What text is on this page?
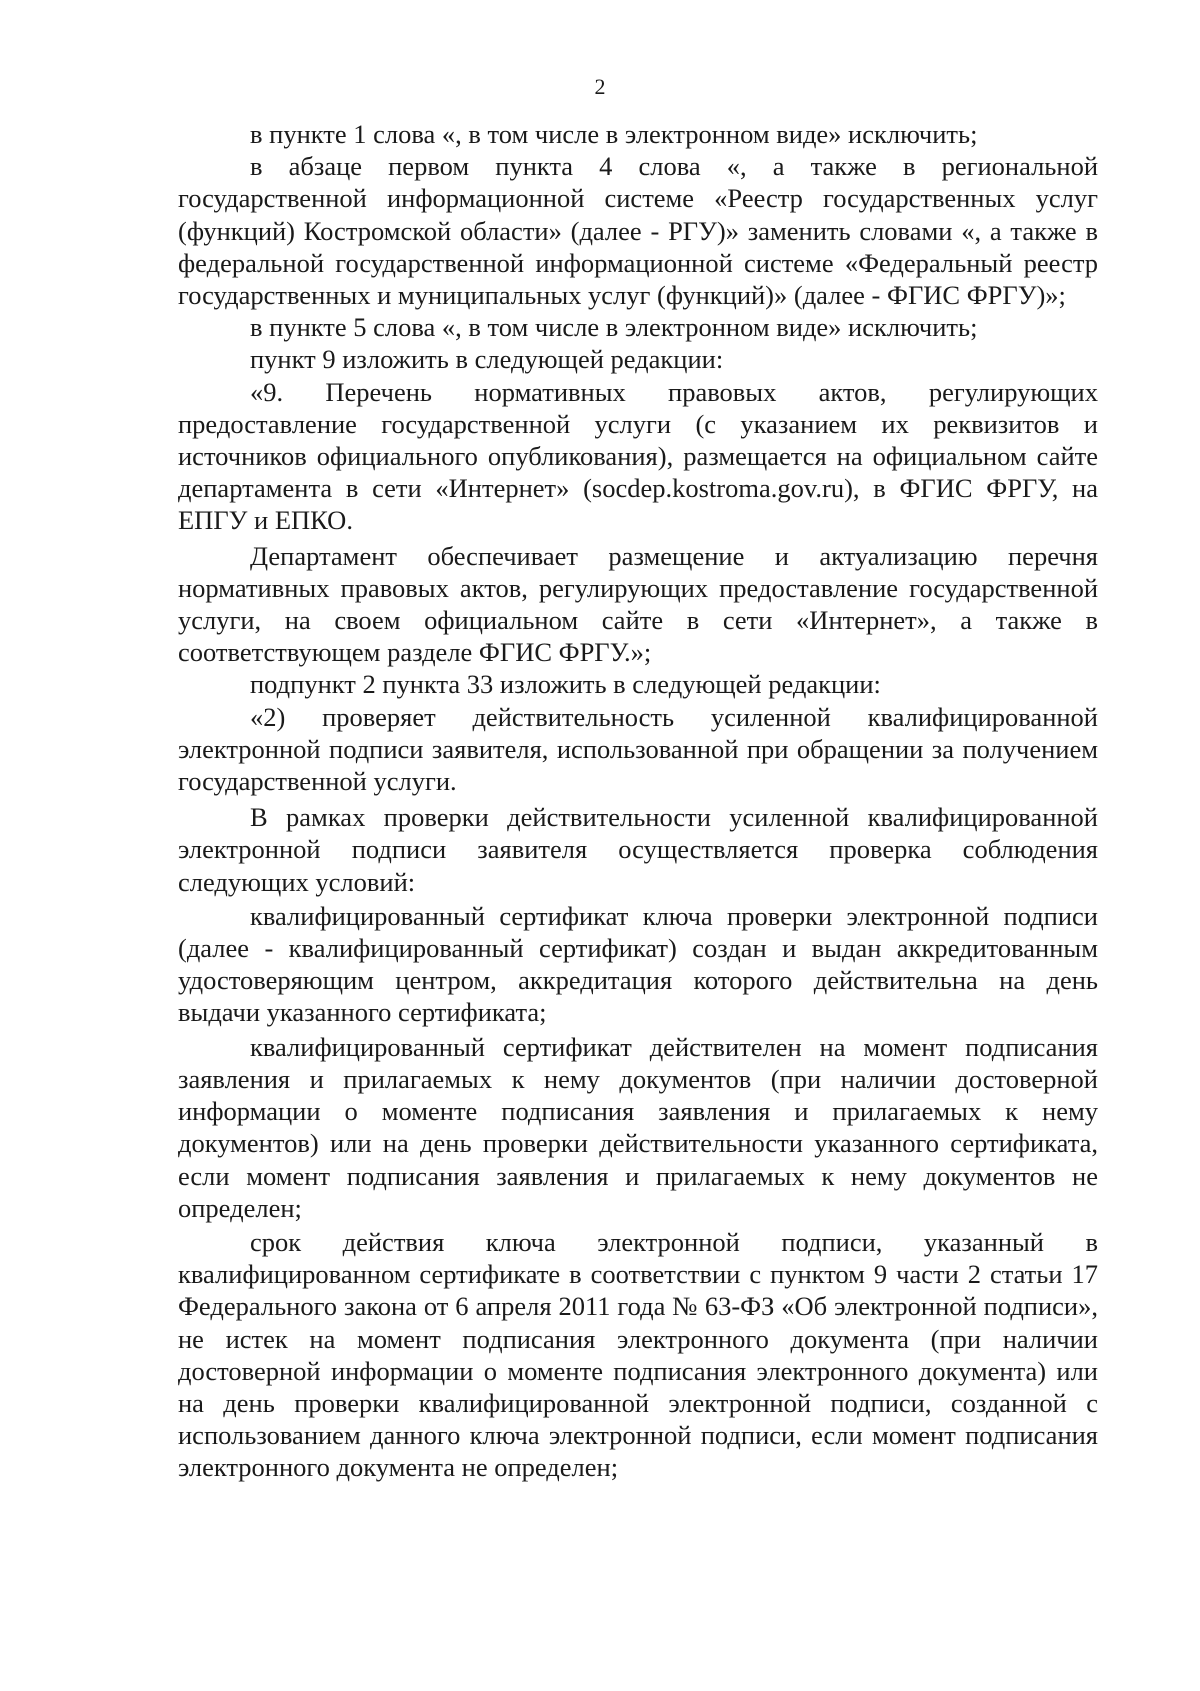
2

в пункте 1 слова «, в том числе в электронном виде» исключить;

в абзаце первом пункта 4 слова «, а также в региональной государственной информационной системе «Реестр государственных услуг (функций) Костромской области» (далее - РГУ)» заменить словами «, а также в федеральной государственной информационной системе «Федеральный реестр государственных и муниципальных услуг (функций)» (далее - ФГИС ФРГУ)»;

в пункте 5 слова «, в том числе в электронном виде» исключить;

пункт 9 изложить в следующей редакции:

«9. Перечень нормативных правовых актов, регулирующих предоставление государственной услуги (с указанием их реквизитов и источников официального опубликования), размещается на официальном сайте департамента в сети «Интернет» (socdep.kostroma.gov.ru), в ФГИС ФРГУ, на ЕПГУ и ЕПКО.

Департамент обеспечивает размещение и актуализацию перечня нормативных правовых актов, регулирующих предоставление государственной услуги, на своем официальном сайте в сети «Интернет», а также в соответствующем разделе ФГИС ФРГУ.»;

подпункт 2 пункта 33 изложить в следующей редакции:

«2) проверяет действительность усиленной квалифицированной электронной подписи заявителя, использованной при обращении за получением государственной услуги.

В рамках проверки действительности усиленной квалифицированной электронной подписи заявителя осуществляется проверка соблюдения следующих условий:

квалифицированный сертификат ключа проверки электронной подписи (далее - квалифицированный сертификат) создан и выдан аккредитованным удостоверяющим центром, аккредитация которого действительна на день выдачи указанного сертификата;

квалифицированный сертификат действителен на момент подписания заявления и прилагаемых к нему документов (при наличии достоверной информации о моменте подписания заявления и прилагаемых к нему документов) или на день проверки действительности указанного сертификата, если момент подписания заявления и прилагаемых к нему документов не определен;

срок действия ключа электронной подписи, указанный в квалифицированном сертификате в соответствии с пунктом 9 части 2 статьи 17 Федерального закона от 6 апреля 2011 года № 63-ФЗ «Об электронной подписи», не истек на момент подписания электронного документа (при наличии достоверной информации о моменте подписания электронного документа) или на день проверки квалифицированной электронной подписи, созданной с использованием данного ключа электронной подписи, если момент подписания электронного документа не определен;
